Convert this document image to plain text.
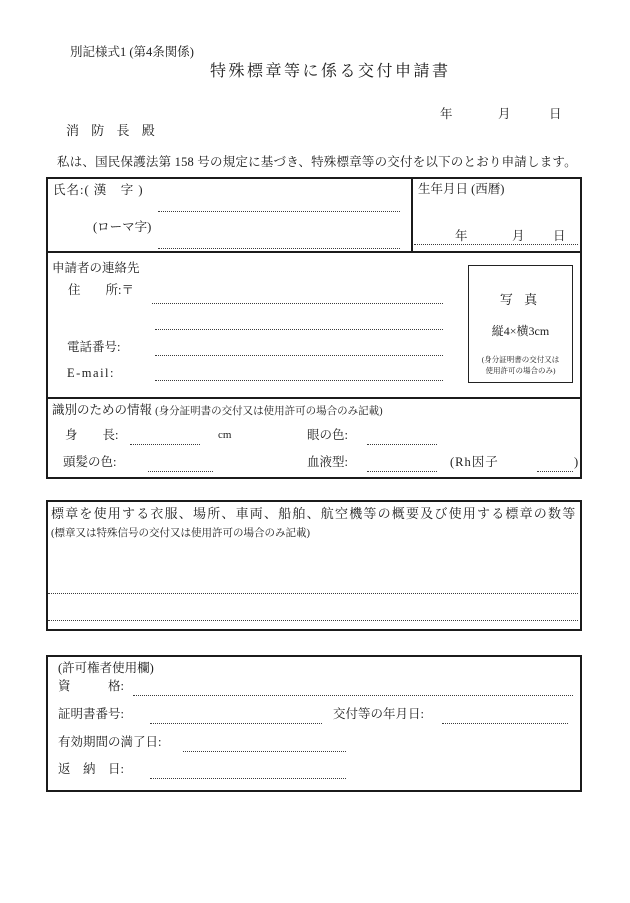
別記様式1 (第4条関係)
特殊標章等に係る交付申請書
年	月	日
消 防 長 殿
私は、国民保護法第 158 号の規定に基づき、特殊標章等の交付を以下のとおり申請します。
氏名:( 漢　字 )
(ローマ字)
生年月日 (西暦)
年	月 日
申請者の連絡先
住　　所:〒
電話番号:
E-mail:
写 真
縦4×横3cm
(身分証明書の交付又は
使用許可の場合のみ)
識別のための情報 (身分証明書の交付又は使用許可の場合のみ記載)
身　　長:	cm	眼の色:
頭髪の色:	血液型:	(Rh因子	)
標章を使用する衣服、場所、車両、船舶、航空機等の概要及び使用する標章の数等
(標章又は特殊信号の交付又は使用許可の場合のみ記載)
(許可権者使用欄)
資　　　格:
証明書番号:	交付等の年月日:
有効期間の満了日:
返　納　日:
